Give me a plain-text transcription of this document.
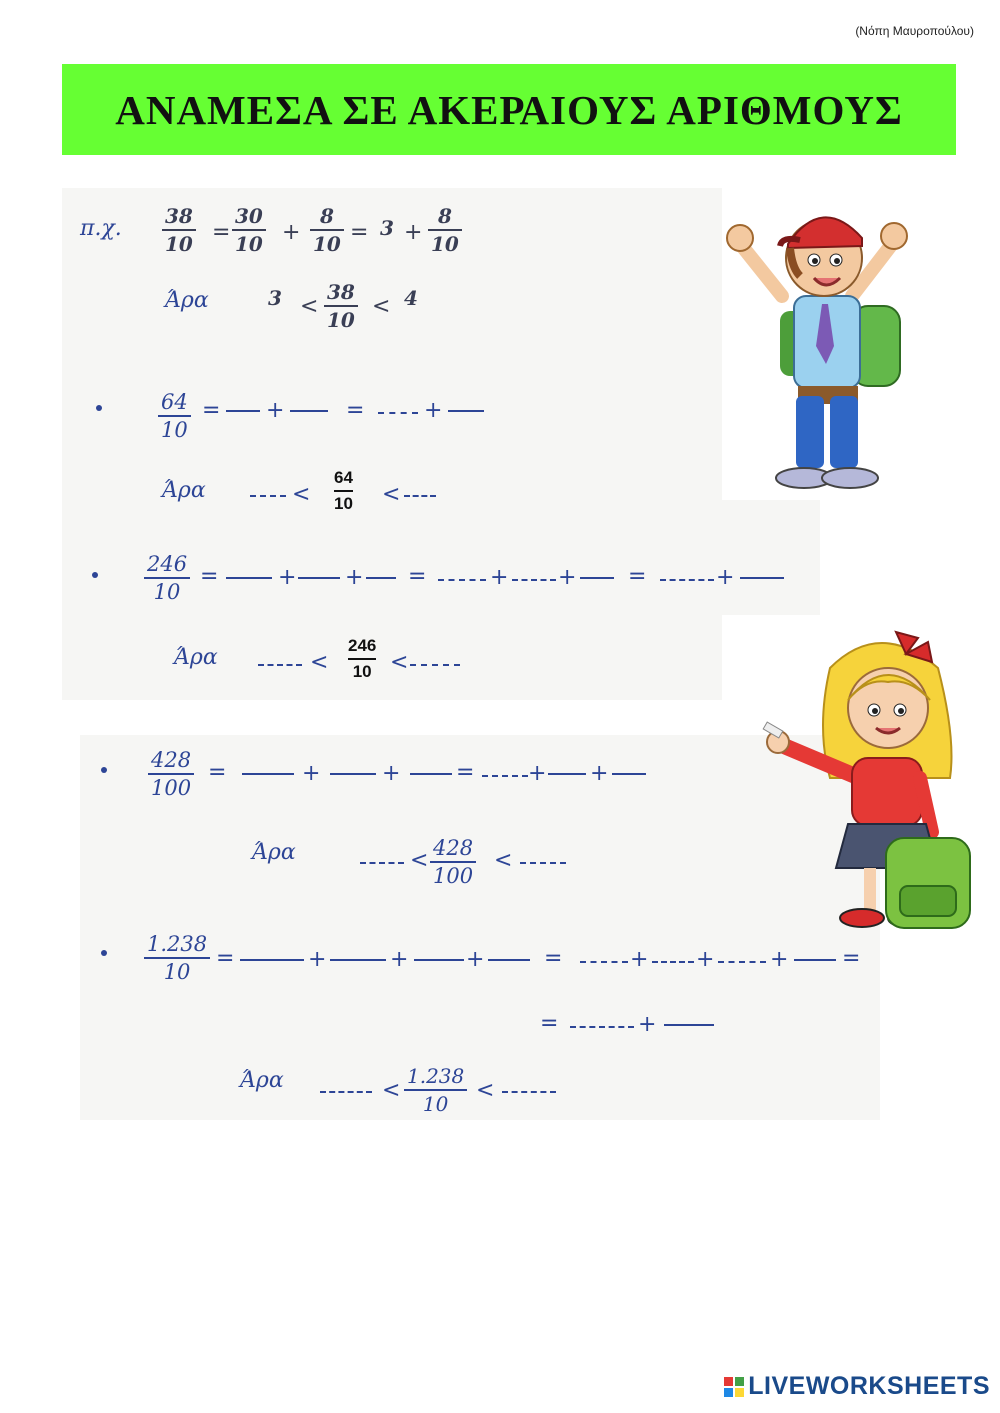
(Νόπη Μαυροπούλου)
ΑΝΑΜΕΣΑ ΣΕ ΑΚΕΡΑΙΟΥΣ ΑΡΙΘΜΟΥΣ
π.χ. 38
10 =
30
10 +
8
10 = 3 +
8
10
Άρα	3 <
38
10
< 4
64
10
= +	=	+
Άρα	<
64
10 <
246
10
=	+ + =	+ + =	+
Άρα	<
246
10 <
428
100
=	+	+	= + +
Άρα	< 428
100
<
1.238
10
=	+	+	+	=	+ +	+ =
=	+
Άρα	<
1.238
10
<
LIVEWORKSHEETS
